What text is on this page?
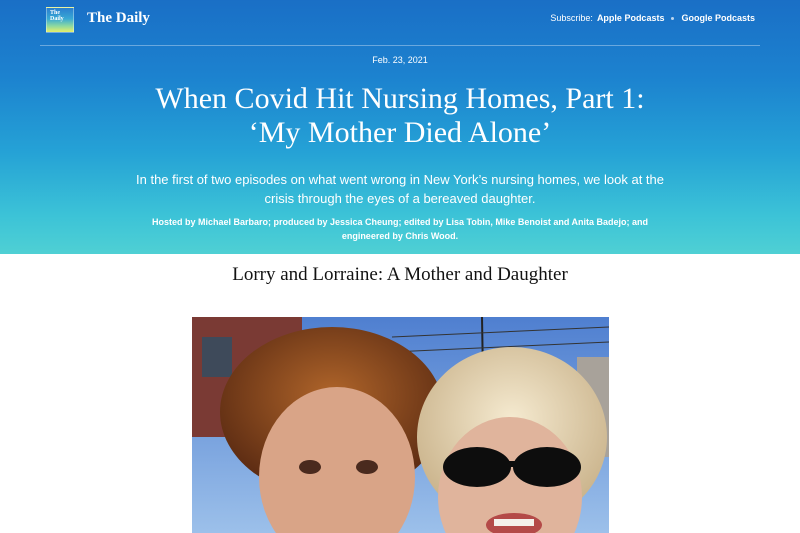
The Daily	The Daily	Subscribe: Apple Podcasts Google Podcasts
Feb. 23, 2021
When Covid Hit Nursing Homes, Part 1: ‘My Mother Died Alone’
In the first of two episodes on what went wrong in New York’s nursing homes, we look at the crisis through the eyes of a bereaved daughter.
Hosted by Michael Barbaro; produced by Jessica Cheung; edited by Lisa Tobin, Mike Benoist and Anita Badejo; and engineered by Chris Wood.
Lorry and Lorraine: A Mother and Daughter
